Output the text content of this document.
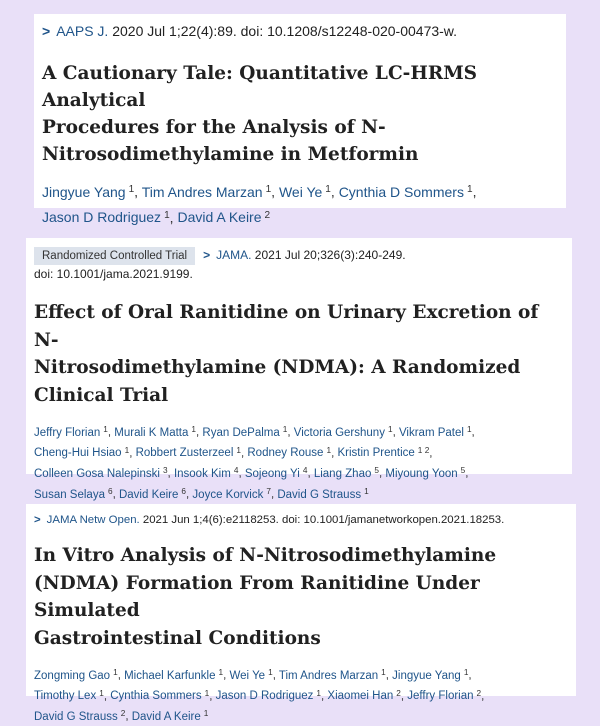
> AAPS J. 2020 Jul 1;22(4):89. doi: 10.1208/s12248-020-00473-w.
A Cautionary Tale: Quantitative LC-HRMS Analytical
Procedures for the Analysis of N-
Nitrosodimethylamine in Metformin
Jingyue Yang $^1$, Tim Andres Marzan $^1$, Wei Ye $^1$, Cynthia D Sommers $^1$,
Jason D Rodriguez $^1$, David A Keire $^2$
Randomized Controlled Trial > JAMA. 2021 Jul 20;326(3):240-249.
doi: 10.1001/jama.2021.9199.
Effect of Oral Ranitidine on Urinary Excretion of N-
Nitrosodimethylamine (NDMA): A Randomized
Clinical Trial
Jeffry Florian $^1$, Murali K Matta $^1$, Ryan DePalma $^1$, Victoria Gershuny $^1$, Vikram Patel $^1$,
Cheng-Hui Hsiao $^1$, Robbert Zusterzeel $^1$, Rodney Rouse $^1$, Kristin Prentice $^{1 2}$,
Colleen Gosa Nalepinski $^3$, Insook Kim $^4$, Sojeong Yi $^4$, Liang Zhao $^5$, Miyoung Yoon $^5$,
Susan Selaya $^6$, David Keire $^6$, Joyce Korvick $^7$, David G Strauss $^1$
> JAMA Netw Open. 2021 Jun 1;4(6):e2118253. doi: 10.1001/jamanetworkopen.2021.18253.
In Vitro Analysis of N-Nitrosodimethylamine
(NDMA) Formation From Ranitidine Under Simulated
Gastrointestinal Conditions
Zongming Gao $^1$, Michael Karfunkle $^1$, Wei Ye $^1$, Tim Andres Marzan $^1$, Jingyue Yang $^1$,
Timothy Lex $^1$, Cynthia Sommers $^1$, Jason D Rodriguez $^1$, Xiaomei Han $^2$, Jeffry Florian $^2$,
David G Strauss $^2$, David A Keire $^1$
